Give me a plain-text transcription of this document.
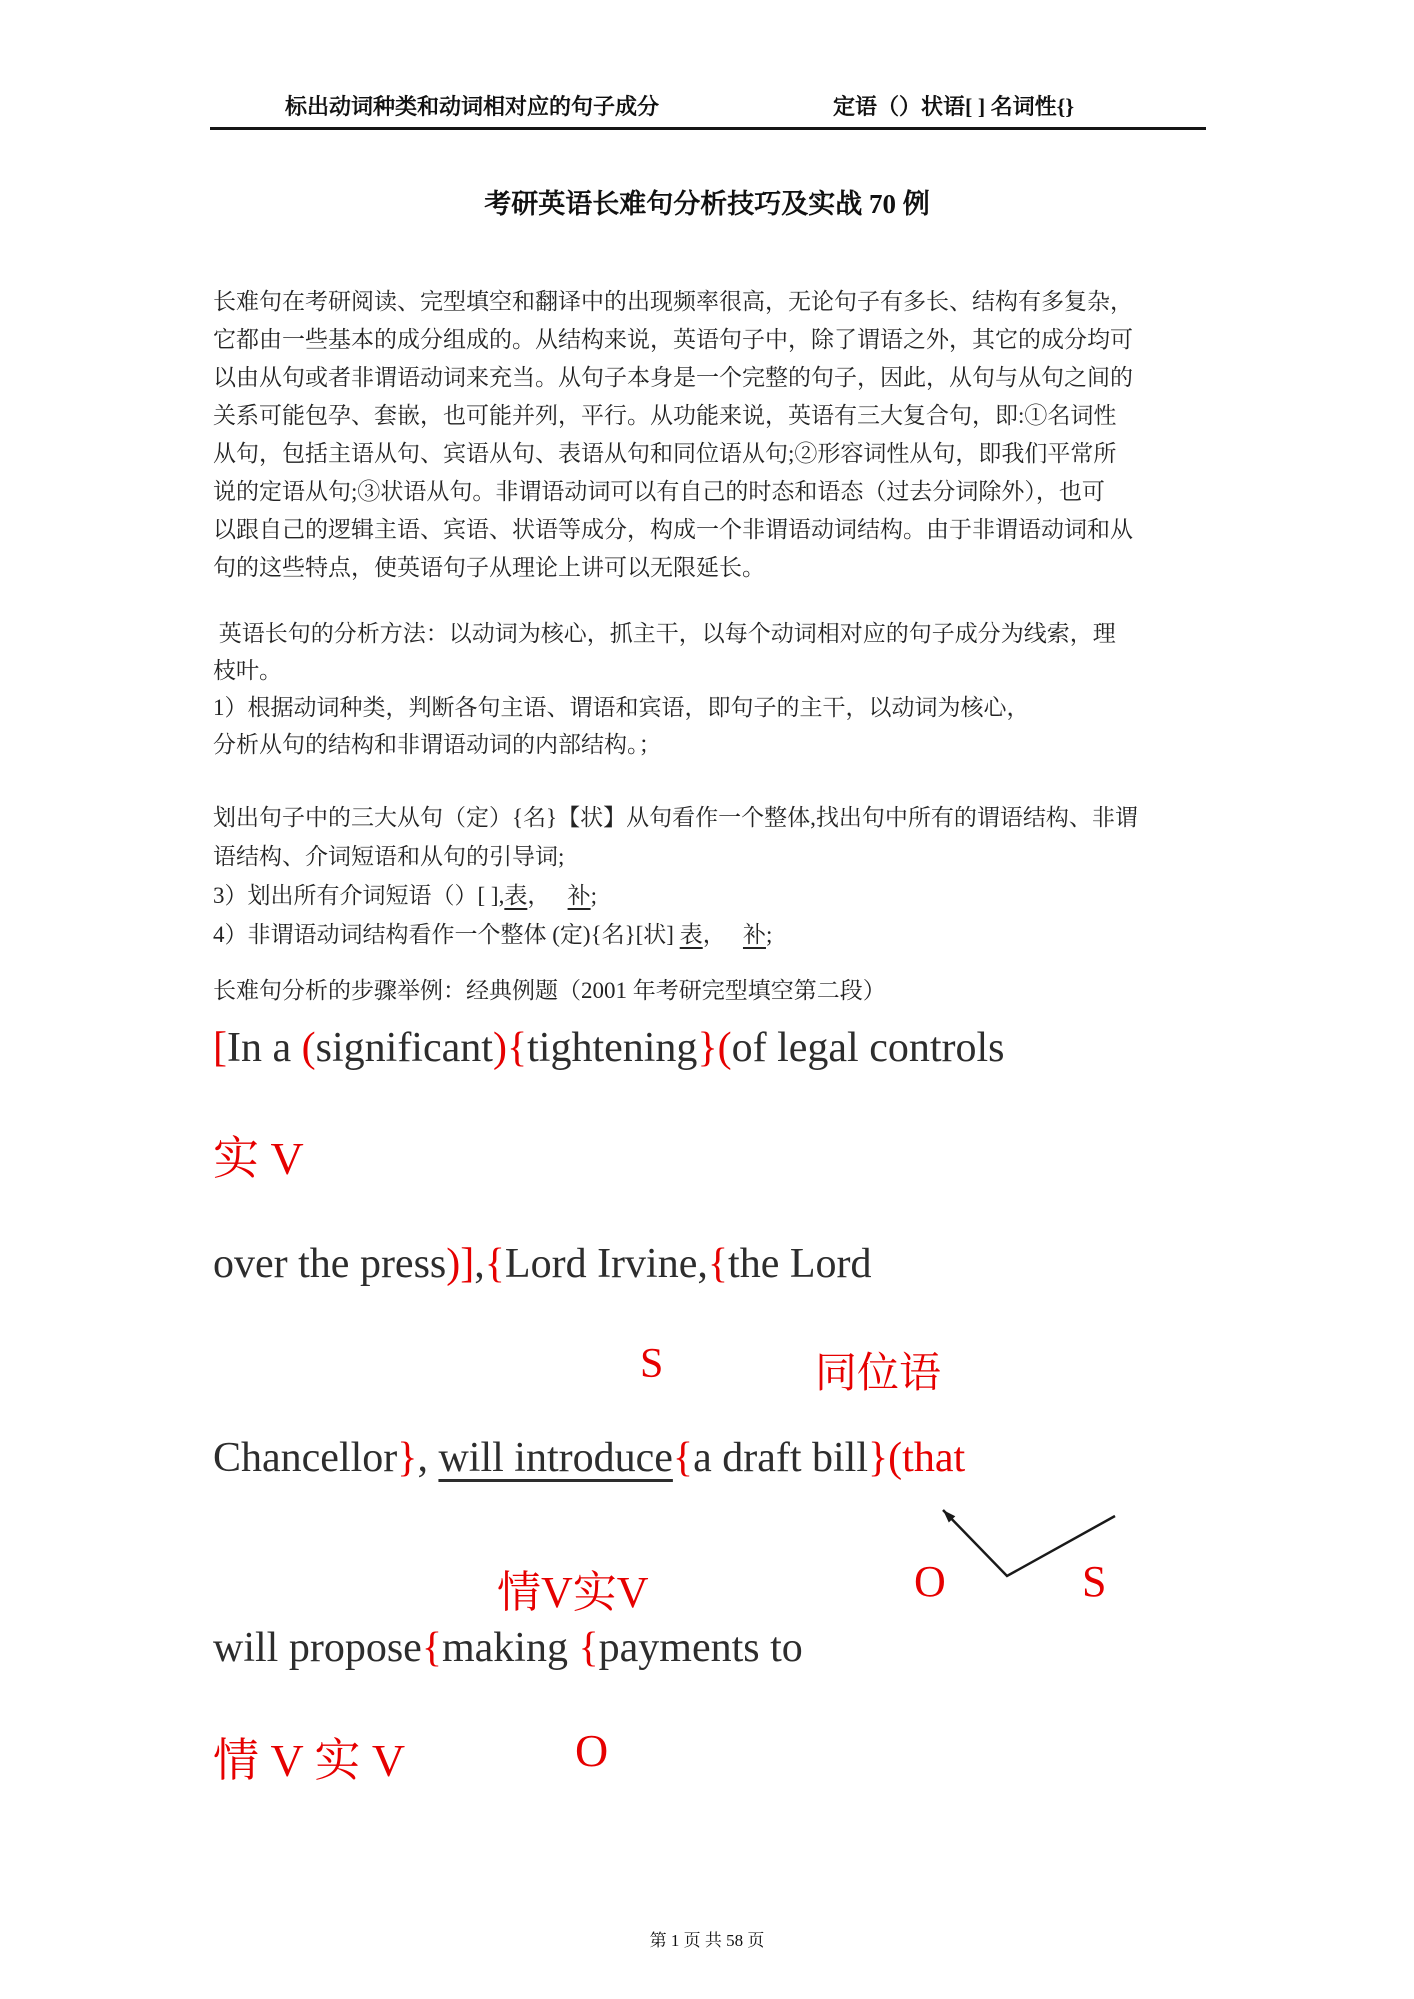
标出动词种类和动词相对应的句子成分	定语（）状语[ ] 名词性{}
考研英语长难句分析技巧及实战 70 例
长难句在考研阅读、完型填空和翻译中的出现频率很高，无论句子有多长、结构有多复杂，
它都由一些基本的成分组成的。从结构来说，英语句子中，除了谓语之外，其它的成分均可
以由从句或者非谓语动词来充当。从句子本身是一个完整的句子，因此，从句与从句之间的
关系可能包孕、套嵌，也可能并列，平行。从功能来说，英语有三大复合句，即:①名词性
从句，包括主语从句、宾语从句、表语从句和同位语从句;②形容词性从句，即我们平常所
说的定语从句;③状语从句。非谓语动词可以有自己的时态和语态（过去分词除外），也可
以跟自己的逻辑主语、宾语、状语等成分，构成一个非谓语动词结构。由于非谓语动词和从
句的这些特点，使英语句子从理论上讲可以无限延长。
英语长句的分析方法：以动词为核心，抓主干，以每个动词相对应的句子成分为线索，理
枝叶。
1）根据动词种类，判断各句主语、谓语和宾语，即句子的主干，以动词为核心，
分析从句的结构和非谓语动词的内部结构。；
划出句子中的三大从句（定）{名}【状】从句看作一个整体,找出句中所有的谓语结构、非谓
语结构、介词短语和从句的引导词;
3）划出所有介词短语（）[ ],表，   补;
4）非谓语动词结构看作一个整体 (定){名}[状] 表，   补;
长难句分析的步骤举例：经典例题（2001 年考研完型填空第二段）
[In a (significant){tightening}(of legal controls
实 V
over the press)],{Lord Irvine,{the Lord
S	同位语
Chancellor}, will introduce{a draft bill}(that
情V实V	O	S
will propose{making {payments to
情 V 实 V	O
第 1 页 共 58 页
